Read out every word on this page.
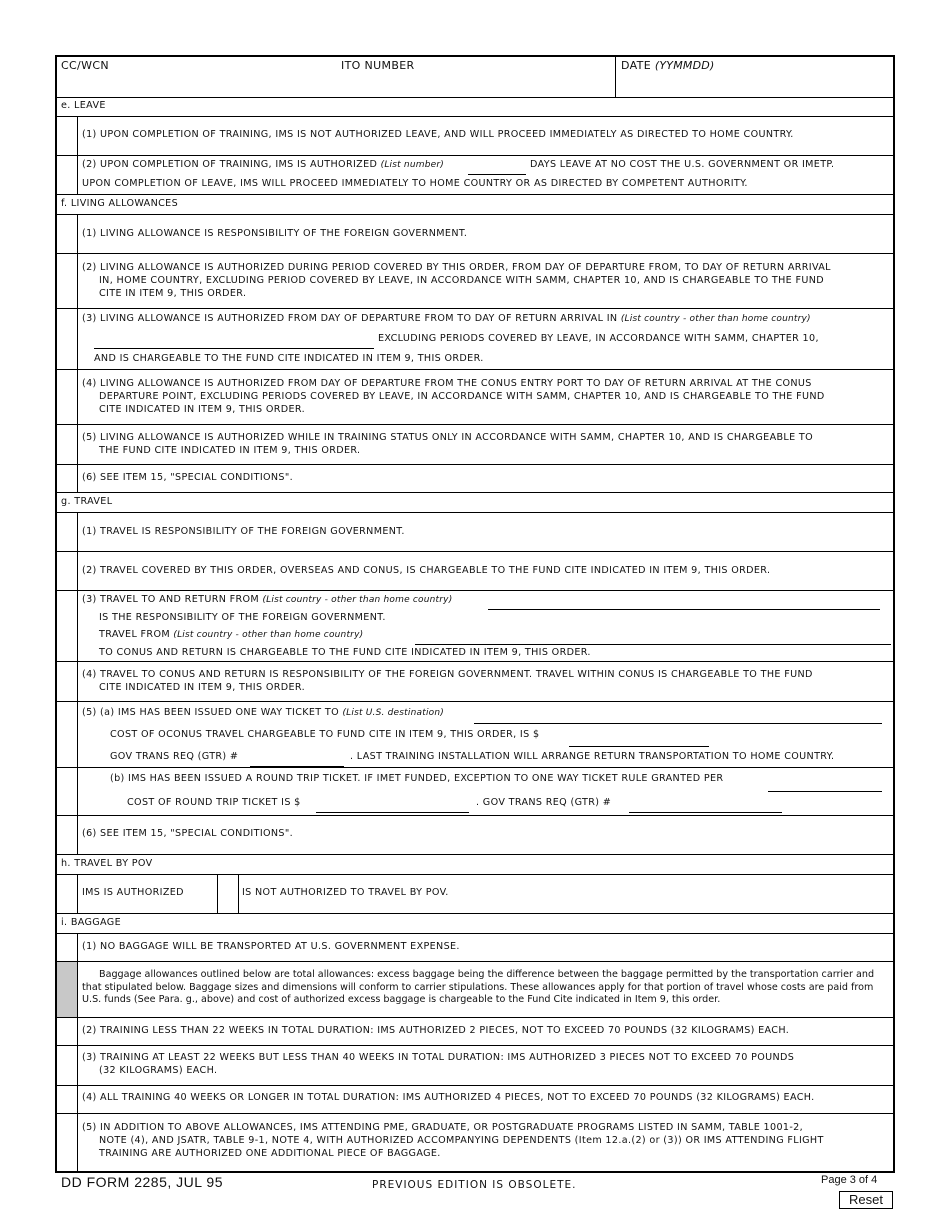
CC/WCN	ITO NUMBER	DATE (YYMMDD)
e. LEAVE
(1) UPON COMPLETION OF TRAINING, IMS IS NOT AUTHORIZED LEAVE, AND WILL PROCEED IMMEDIATELY AS DIRECTED TO HOME COUNTRY.
(2) UPON COMPLETION OF TRAINING, IMS IS AUTHORIZED (List number)	DAYS LEAVE AT NO COST THE U.S. GOVERNMENT OR IMETP.
UPON COMPLETION OF LEAVE, IMS WILL PROCEED IMMEDIATELY TO HOME COUNTRY OR AS DIRECTED BY COMPETENT AUTHORITY.
f. LIVING ALLOWANCES
(1) LIVING ALLOWANCE IS RESPONSIBILITY OF THE FOREIGN GOVERNMENT.
(2) LIVING ALLOWANCE IS AUTHORIZED DURING PERIOD COVERED BY THIS ORDER, FROM DAY OF DEPARTURE FROM, TO DAY OF RETURN ARRIVAL
IN, HOME COUNTRY, EXCLUDING PERIOD COVERED BY LEAVE, IN ACCORDANCE WITH SAMM, CHAPTER 10, AND IS CHARGEABLE TO THE FUND
CITE IN ITEM 9, THIS ORDER.
(3) LIVING ALLOWANCE IS AUTHORIZED FROM DAY OF DEPARTURE FROM TO DAY OF RETURN ARRIVAL IN (List country - other than home country)
EXCLUDING PERIODS COVERED BY LEAVE, IN ACCORDANCE WITH SAMM, CHAPTER 10,
AND IS CHARGEABLE TO THE FUND CITE INDICATED IN ITEM 9, THIS ORDER.
(4) LIVING ALLOWANCE IS AUTHORIZED FROM DAY OF DEPARTURE FROM THE CONUS ENTRY PORT TO DAY OF RETURN ARRIVAL AT THE CONUS
DEPARTURE POINT, EXCLUDING PERIODS COVERED BY LEAVE, IN ACCORDANCE WITH SAMM, CHAPTER 10, AND IS CHARGEABLE TO THE FUND
CITE INDICATED IN ITEM 9, THIS ORDER.
(5) LIVING ALLOWANCE IS AUTHORIZED WHILE IN TRAINING STATUS ONLY IN ACCORDANCE WITH SAMM, CHAPTER 10, AND IS CHARGEABLE TO
THE FUND CITE INDICATED IN ITEM 9, THIS ORDER.
(6) SEE ITEM 15, "SPECIAL CONDITIONS".
g. TRAVEL
(1) TRAVEL IS RESPONSIBILITY OF THE FOREIGN GOVERNMENT.
(2) TRAVEL COVERED BY THIS ORDER, OVERSEAS AND CONUS, IS CHARGEABLE TO THE FUND CITE INDICATED IN ITEM 9, THIS ORDER.
(3) TRAVEL TO AND RETURN FROM (List country - other than home country)
IS THE RESPONSIBILITY OF THE FOREIGN GOVERNMENT.
TRAVEL FROM (List country - other than home country)
TO CONUS AND RETURN IS CHARGEABLE TO THE FUND CITE INDICATED IN ITEM 9, THIS ORDER.
(4) TRAVEL TO CONUS AND RETURN IS RESPONSIBILITY OF THE FOREIGN GOVERNMENT. TRAVEL WITHIN CONUS IS CHARGEABLE TO THE FUND
CITE INDICATED IN ITEM 9, THIS ORDER.
(5) (a) IMS HAS BEEN ISSUED ONE WAY TICKET TO (List U.S. destination)
COST OF OCONUS TRAVEL CHARGEABLE TO FUND CITE IN ITEM 9, THIS ORDER, IS $
GOV TRANS REQ (GTR) #	. LAST TRAINING INSTALLATION WILL ARRANGE RETURN TRANSPORTATION TO HOME COUNTRY.
(b) IMS HAS BEEN ISSUED A ROUND TRIP TICKET. IF IMET FUNDED, EXCEPTION TO ONE WAY TICKET RULE GRANTED PER
COST OF ROUND TRIP TICKET IS $	. GOV TRANS REQ (GTR) #
(6) SEE ITEM 15, "SPECIAL CONDITIONS".
h. TRAVEL BY POV
IMS IS AUTHORIZED	IS NOT AUTHORIZED TO TRAVEL BY POV.
i. BAGGAGE
(1) NO BAGGAGE WILL BE TRANSPORTED AT U.S. GOVERNMENT EXPENSE.
Baggage allowances outlined below are total allowances: excess baggage being the difference between the baggage permitted by the transportation carrier and that stipulated below. Baggage sizes and dimensions will conform to carrier stipulations. These allowances apply for that portion of travel whose costs are paid from U.S. funds (See Para. g., above) and cost of authorized excess baggage is chargeable to the Fund Cite indicated in Item 9, this order.
(2) TRAINING LESS THAN 22 WEEKS IN TOTAL DURATION: IMS AUTHORIZED 2 PIECES, NOT TO EXCEED 70 POUNDS (32 KILOGRAMS) EACH.
(3) TRAINING AT LEAST 22 WEEKS BUT LESS THAN 40 WEEKS IN TOTAL DURATION: IMS AUTHORIZED 3 PIECES NOT TO EXCEED 70 POUNDS
(32 KILOGRAMS) EACH.
(4) ALL TRAINING 40 WEEKS OR LONGER IN TOTAL DURATION: IMS AUTHORIZED 4 PIECES, NOT TO EXCEED 70 POUNDS (32 KILOGRAMS) EACH.
(5) IN ADDITION TO ABOVE ALLOWANCES, IMS ATTENDING PME, GRADUATE, OR POSTGRADUATE PROGRAMS LISTED IN SAMM, TABLE 1001-2,
NOTE (4), AND JSATR, TABLE 9-1, NOTE 4, WITH AUTHORIZED ACCOMPANYING DEPENDENTS (Item 12.a.(2) or (3)) OR IMS ATTENDING FLIGHT
TRAINING ARE AUTHORIZED ONE ADDITIONAL PIECE OF BAGGAGE.
DD FORM 2285, JUL 95	PREVIOUS EDITION IS OBSOLETE.	Page 3 of 4
Reset
